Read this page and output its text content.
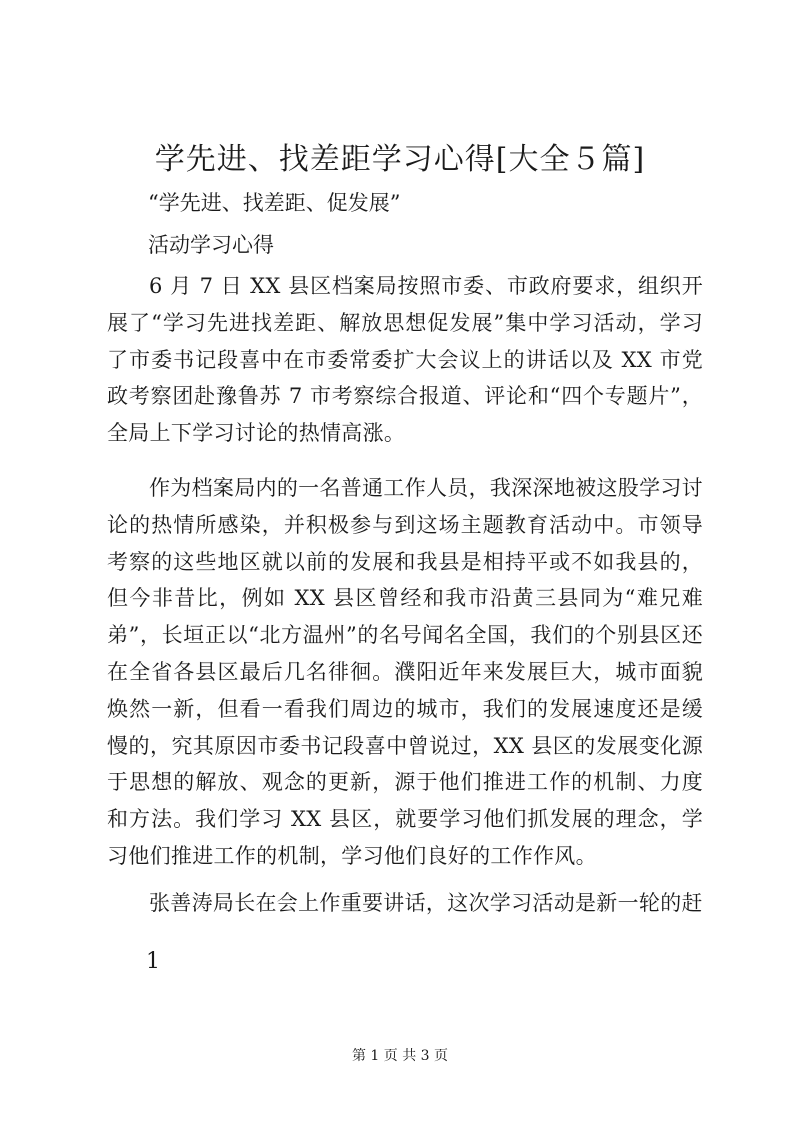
学先进、找差距学习心得[大全５篇]

“学先进、找差距、促发展”

活动学习心得

6 月 7 日 XX 县区档案局按照市委、市政府要求，组织开展了“学习先进找差距、解放思想促发展”集中学习活动，学习了市委书记段喜中在市委常委扩大会议上的讲话以及 XX 市党政考察团赴豫鲁苏 7 市考察综合报道、评论和“四个专题片”，全局上下学习讨论的热情高涨。

作为档案局内的一名普通工作人员，我深深地被这股学习讨论的热情所感染，并积极参与到这场主题教育活动中。市领导考察的这些地区就以前的发展和我县是相持平或不如我县的，但今非昔比，例如 XX 县区曾经和我市沿黄三县同为“难兄难弟”，长垣正以“北方温州”的名号闻名全国，我们的个别县区还在全省各县区最后几名徘徊。濮阳近年来发展巨大，城市面貌焕然一新，但看一看我们周边的城市，我们的发展速度还是缓慢的，究其原因市委书记段喜中曾说过，XX 县区的发展变化源于思想的解放、观念的更新，源于他们推进工作的机制、力度和方法。我们学习 XX 县区，就要学习他们抓发展的理念，学习他们推进工作的机制，学习他们良好的工作作风。

张善涛局长在会上作重要讲话，这次学习活动是新一轮的赶

1
第 1 页 共 3 页
